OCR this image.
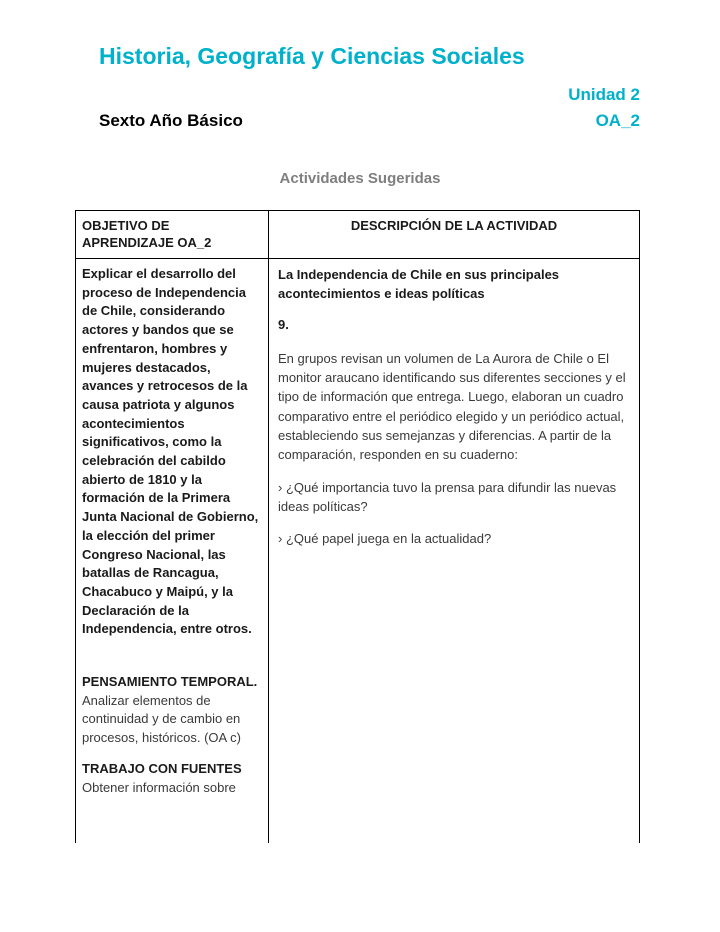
Historia, Geografía y Ciencias Sociales
Unidad 2
Sexto Año Básico	OA_2
Actividades Sugeridas
OBJETIVO DE APRENDIZAJE OA_2
DESCRIPCIÓN DE LA ACTIVIDAD

Explicar el desarrollo del proceso de Independencia de Chile, considerando actores y bandos que se enfrentaron, hombres y mujeres destacados, avances y retrocesos de la causa patriota y algunos acontecimientos significativos, como la celebración del cabildo abierto de 1810 y la formación de la Primera Junta Nacional de Gobierno, la elección del primer Congreso Nacional, las batallas de Rancagua, Chacabuco y Maipú, y la Declaración de la Independencia, entre otros.

PENSAMIENTO TEMPORAL. Analizar elementos de continuidad y de cambio en procesos, históricos. (OA c)

TRABAJO CON FUENTES Obtener información sobre

La Independencia de Chile en sus principales acontecimientos e ideas políticas

9.

En grupos revisan un volumen de La Aurora de Chile o El monitor araucano identificando sus diferentes secciones y el tipo de información que entrega. Luego, elaboran un cuadro comparativo entre el periódico elegido y un periódico actual, estableciendo sus semejanzas y diferencias. A partir de la comparación, responden en su cuaderno:

› ¿Qué importancia tuvo la prensa para difundir las nuevas ideas políticas?

› ¿Qué papel juega en la actualidad?
